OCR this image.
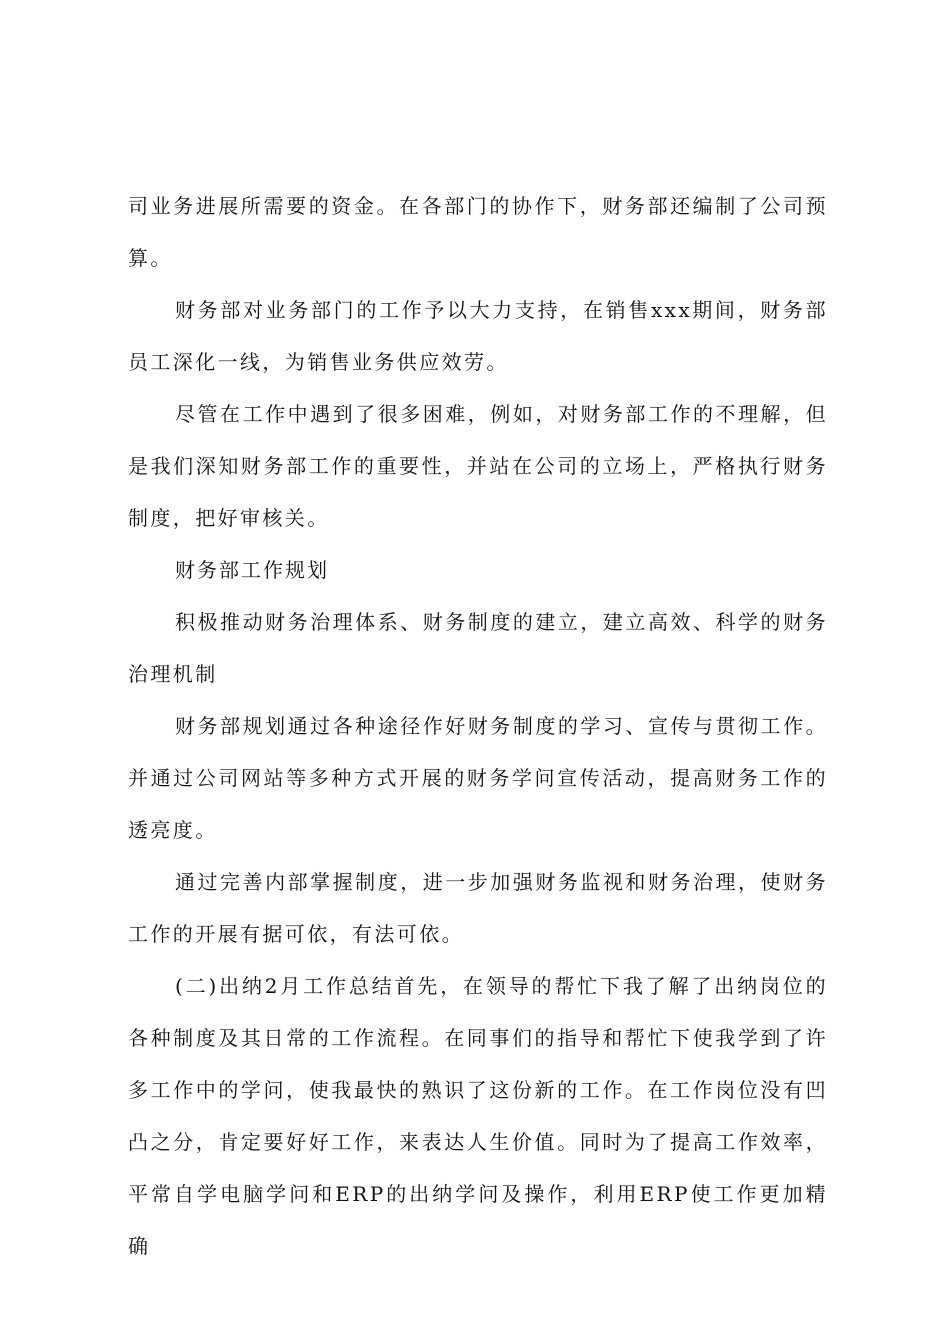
司业务进展所需要的资金。在各部门的协作下，财务部还编制了公司预算。

财务部对业务部门的工作予以大力支持，在销售xxx期间，财务部员工深化一线，为销售业务供应效劳。

尽管在工作中遇到了很多困难，例如，对财务部工作的不理解，但是我们深知财务部工作的重要性，并站在公司的立场上，严格执行财务制度，把好审核关。

财务部工作规划

积极推动财务治理体系、财务制度的建立，建立高效、科学的财务治理机制

财务部规划通过各种途径作好财务制度的学习、宣传与贯彻工作。并通过公司网站等多种方式开展的财务学问宣传活动，提高财务工作的透亮度。

通过完善内部掌握制度，进一步加强财务监视和财务治理，使财务工作的开展有据可依，有法可依。

(二)出纳2月工作总结首先，在领导的帮忙下我了解了出纳岗位的各种制度及其日常的工作流程。在同事们的指导和帮忙下使我学到了许多工作中的学问，使我最快的熟识了这份新的工作。在工作岗位没有凹凸之分，肯定要好好工作，来表达人生价值。同时为了提高工作效率，平常自学电脑学问和ERP的出纳学问及操作，利用ERP使工作更加精确
